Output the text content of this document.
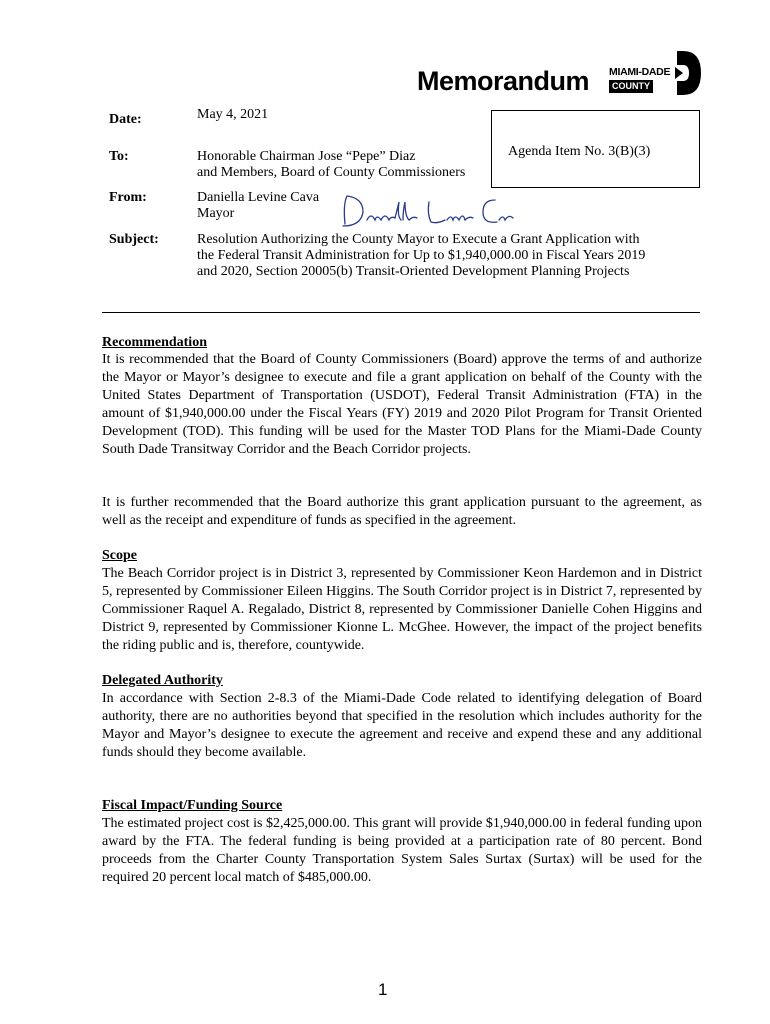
Memorandum MIAMI-DADE
COUNTY
Date:	May 4, 2021
To:	Honorable Chairman Jose “Pepe” Diaz
and Members, Board of County Commissioners
Agenda Item No. 3(B)(3)
From:	Daniella Levine Cava
Mayor
Subject:	Resolution Authorizing the County Mayor to Execute a Grant Application with
the Federal Transit Administration for Up to $1,940,000.00 in Fiscal Years 2019
and 2020, Section 20005(b) Transit-Oriented Development Planning Projects
Recommendation
It is recommended that the Board of County Commissioners (Board) approve the terms of and authorize the Mayor or Mayor’s designee to execute and file a grant application on behalf of the County with the United States Department of Transportation (USDOT), Federal Transit Administration (FTA) in the amount of $1,940,000.00 under the Fiscal Years (FY) 2019 and 2020 Pilot Program for Transit Oriented Development (TOD). This funding will be used for the Master TOD Plans for the Miami-Dade County South Dade Transitway Corridor and the Beach Corridor projects.
It is further recommended that the Board authorize this grant application pursuant to the agreement, as well as the receipt and expenditure of funds as specified in the agreement.
Scope
The Beach Corridor project is in District 3, represented by Commissioner Keon Hardemon and in District 5, represented by Commissioner Eileen Higgins. The South Corridor project is in District 7, represented by Commissioner Raquel A. Regalado, District 8, represented by Commissioner Danielle Cohen Higgins and District 9, represented by Commissioner Kionne L. McGhee. However, the impact of the project benefits the riding public and is, therefore, countywide.
Delegated Authority
In accordance with Section 2-8.3 of the Miami-Dade Code related to identifying delegation of Board authority, there are no authorities beyond that specified in the resolution which includes authority for the Mayor and Mayor’s designee to execute the agreement and receive and expend these and any additional funds should they become available.
Fiscal Impact/Funding Source
The estimated project cost is $2,425,000.00. This grant will provide $1,940,000.00 in federal funding upon award by the FTA. The federal funding is being provided at a participation rate of 80 percent. Bond proceeds from the Charter County Transportation System Sales Surtax (Surtax) will be used for the required 20 percent local match of $485,000.00.
1
